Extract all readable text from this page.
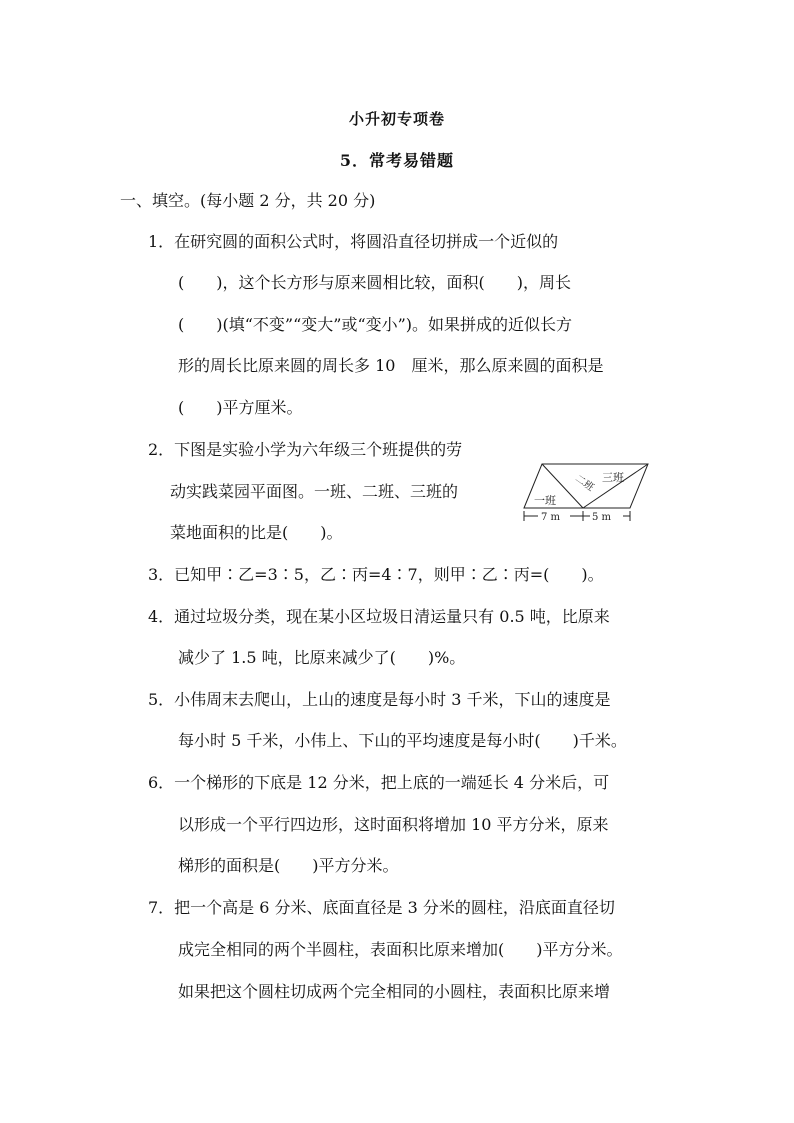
小升初专项卷
5．常考易错题
一、填空。(每小题 2 分，共 20 分)
1．在研究圆的面积公式时，将圆沿直径切拼成一个近似的
(　　)，这个长方形与原来圆相比较，面积(　　)，周长
(　　)(填“不变”“变大”或“变小”)。如果拼成的近似长方
形的周长比原来圆的周长多 10　厘米，那么原来圆的面积是
(　　)平方厘米。
2．下图是实验小学为六年级三个班提供的劳
动实践菜园平面图。一班、二班、三班的
菜地面积的比是(　　)。
一班
二班 三班
7 m	5 m
3．已知甲∶乙=3∶5，乙∶丙=4∶7，则甲∶乙∶丙=(　　)。
4．通过垃圾分类，现在某小区垃圾日清运量只有 0.5 吨，比原来
减少了 1.5 吨，比原来减少了(　　)%。
5．小伟周末去爬山，上山的速度是每小时 3 千米，下山的速度是
每小时 5 千米，小伟上、下山的平均速度是每小时(　　)千米。
6．一个梯形的下底是 12 分米，把上底的一端延长 4 分米后，可
以形成一个平行四边形，这时面积将增加 10 平方分米，原来
梯形的面积是(　　)平方分米。
7．把一个高是 6 分米、底面直径是 3 分米的圆柱，沿底面直径切
成完全相同的两个半圆柱，表面积比原来增加(　　)平方分米。
如果把这个圆柱切成两个完全相同的小圆柱，表面积比原来增
